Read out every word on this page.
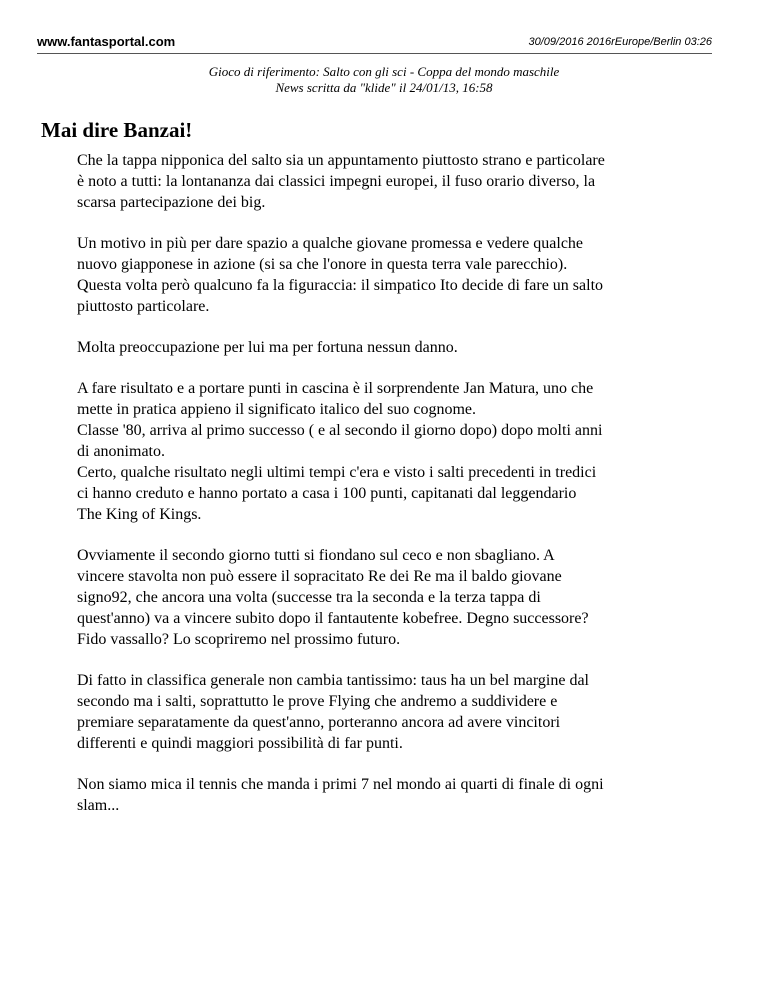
www.fantasportal.com	30/09/2016 2016rEurope/Berlin 03:26
Gioco di riferimento: Salto con gli sci - Coppa del mondo maschile
News scritta da "klide" il 24/01/13, 16:58
Mai dire Banzai!

Che la tappa nipponica del salto sia un appuntamento piuttosto strano e particolare
è noto a tutti: la lontananza dai classici impegni europei, il fuso orario diverso, la
scarsa partecipazione dei big.

Un motivo in più per dare spazio a qualche giovane promessa e vedere qualche
nuovo giapponese in azione (si sa che l'onore in questa terra vale parecchio).
Questa volta però qualcuno fa la figuraccia: il simpatico Ito decide di fare un salto
piuttosto particolare.

Molta preoccupazione per lui ma per fortuna nessun danno.

A fare risultato e a portare punti in cascina è il sorprendente Jan Matura, uno che
mette in pratica appieno il significato italico del suo cognome.
Classe '80, arriva al primo successo ( e al secondo il giorno dopo) dopo molti anni
di anonimato.
Certo, qualche risultato negli ultimi tempi c'era e visto i salti precedenti in tredici
ci hanno creduto e hanno portato a casa i 100 punti, capitanati dal leggendario
The King of Kings.

Ovviamente il secondo giorno tutti si fiondano sul ceco e non sbagliano. A
vincere stavolta non può essere il sopracitato Re dei Re ma il baldo giovane
signo92, che ancora una volta (successe tra la seconda e la terza tappa di
quest'anno) va a vincere subito dopo il fantautente kobefree. Degno successore?
Fido vassallo? Lo scopriremo nel prossimo futuro.

Di fatto in classifica generale non cambia tantissimo: taus ha un bel margine dal
secondo ma i salti, soprattutto le prove Flying che andremo a suddividere e
premiare separatamente da quest'anno, porteranno ancora ad avere vincitori
differenti e quindi maggiori possibilità di far punti.

Non siamo mica il tennis che manda i primi 7 nel mondo ai quarti di finale di ogni
slam...
